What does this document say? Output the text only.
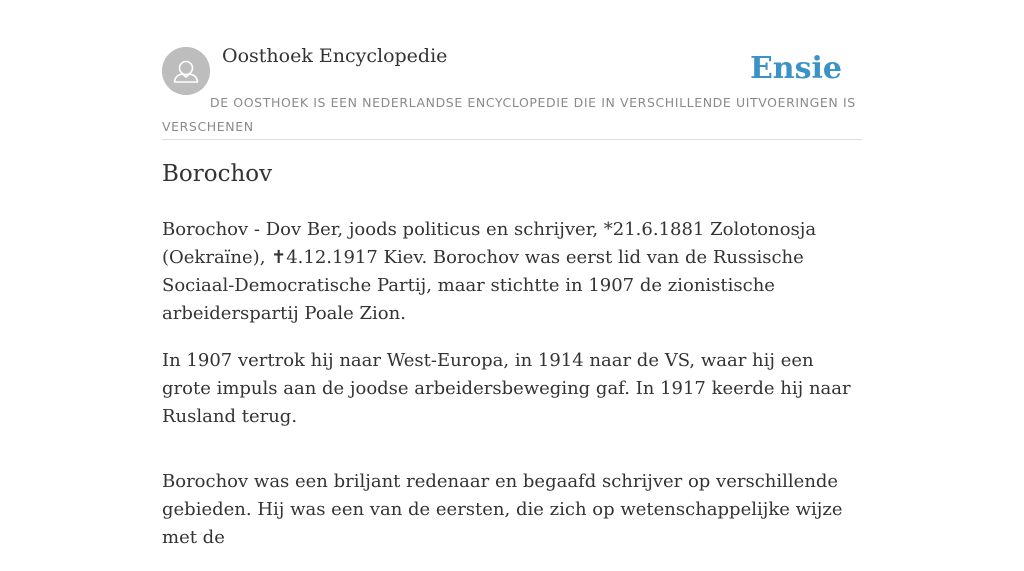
Oosthoek Encyclopedie	Ensie
DE OOSTHOEK IS EEN NEDERLANDSE ENCYCLOPEDIE DIE IN VERSCHILLENDE UITVOERINGEN IS VERSCHENEN
Borochov

Borochov - Dov Ber, joods politicus en schrijver, *21.6.1881 Zolotonosja (Oekraïne), ✝4.12.1917 Kiev. Borochov was eerst lid van de Russische Sociaal-Democratische Partij, maar stichtte in 1907 de zionistische arbeiderspartij Poale Zion.

In 1907 vertrok hij naar West-Europa, in 1914 naar de VS, waar hij een grote impuls aan de joodse arbeidersbeweging gaf. In 1917 keerde hij naar Rusland terug.

Borochov was een briljant redenaar en begaafd schrijver op verschillende gebieden. Hij was een van de eersten, die zich op wetenschappelijke wijze met de
